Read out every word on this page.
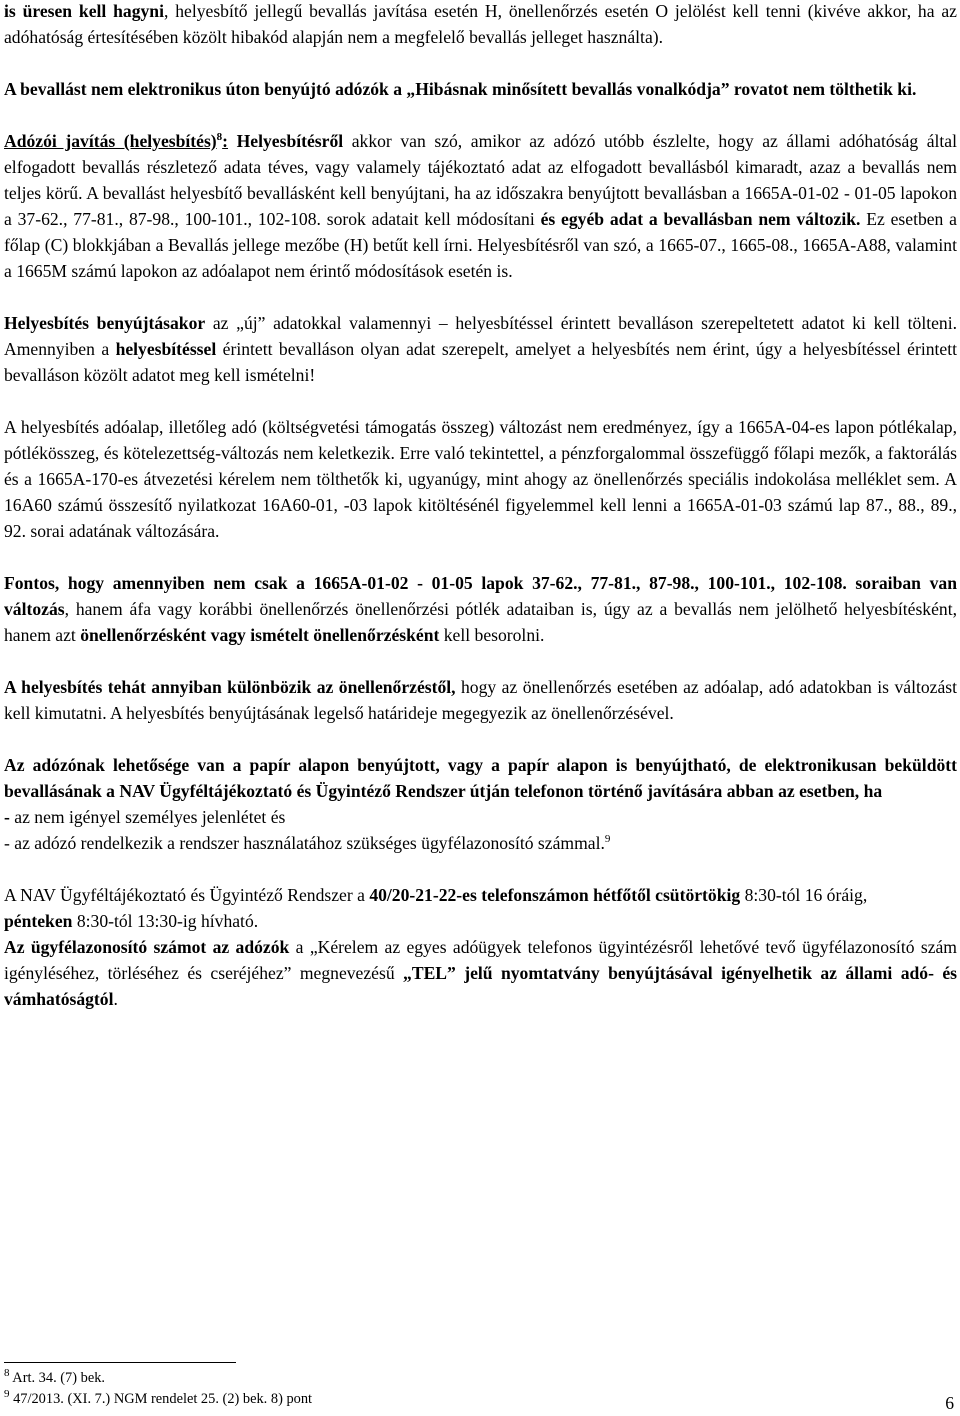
is üresen kell hagyni, helyesbítő jellegű bevallás javítása esetén H, önellenőrzés esetén O jelölést kell tenni (kivéve akkor, ha az adóhatóság értesítésében közölt hibakód alapján nem a megfelelő bevallás jelleget használta).

A bevallást nem elektronikus úton benyújtó adózók a „Hibásnak minősített bevallás vonalkódja” rovatot nem tölthetik ki.

Adózói javítás (helyesbítés)$^8$: Helyesbítésről akkor van szó, amikor az adózó utóbb észlelte, hogy az állami adóhatóság által elfogadott bevallás részletező adata téves, vagy valamely tájékoztató adat az elfogadott bevallásból kimaradt, azaz a bevallás nem teljes körű. A bevallást helyesbítő bevallásként kell benyújtani, ha az időszakra benyújtott bevallásban a 1665A-01-02 - 01-05 lapokon a 37-62., 77-81., 87-98., 100-101., 102-108. sorok adatait kell módosítani és egyéb adat a bevallásban nem változik. Ez esetben a főlap (C) blokkjában a Bevallás jellege mezőbe (H) betűt kell írni. Helyesbítésről van szó, a 1665-07., 1665-08., 1665A-A88, valamint a 1665M számú lapokon az adóalapot nem érintő módosítások esetén is.

Helyesbítés benyújtásakor az „új” adatokkal valamennyi – helyesbítéssel érintett bevalláson szerepeltetett adatot ki kell tölteni. Amennyiben a helyesbítéssel érintett bevalláson olyan adat szerepelt, amelyet a helyesbítés nem érint, úgy a helyesbítéssel érintett bevalláson közölt adatot meg kell ismételni!

A helyesbítés adóalap, illetőleg adó (költségvetési támogatás összeg) változást nem eredményez, így a 1665A-04-es lapon pótlékalap, pótlékösszeg, és kötelezettség-változás nem keletkezik. Erre való tekintettel, a pénzforgalommal összefüggő főlapi mezők, a faktorálás és a 1665A-170-es átvezetési kérelem nem tölthetők ki, ugyanúgy, mint ahogy az önellenőrzés speciális indokolása melléklet sem. A 16A60 számú összesítő nyilatkozat 16A60-01, -03 lapok kitöltésénél figyelemmel kell lenni a 1665A-01-03 számú lap 87., 88., 89., 92. sorai adatának változására.

Fontos, hogy amennyiben nem csak a 1665A-01-02 - 01-05 lapok 37-62., 77-81., 87-98., 100-101., 102-108. soraiban van változás, hanem áfa vagy korábbi önellenőrzés önellenőrzési pótlék adataiban is, úgy az a bevallás nem jelölhető helyesbítésként, hanem azt önellenőrzésként vagy ismételt önellenőrzésként kell besorolni.

A helyesbítés tehát annyiban különbözik az önellenőrzéstől, hogy az önellenőrzés esetében az adóalap, adó adatokban is változást kell kimutatni. A helyesbítés benyújtásának legelső határideje megegyezik az önellenőrzésével.

Az adózónak lehetősége van a papír alapon benyújtott, vagy a papír alapon is benyújtható, de elektronikusan beküldött bevallásának a NAV Ügyféltájékoztató és Ügyintéző Rendszer útján telefonon történő javítására abban az esetben, ha
- az nem igényel személyes jelenlétet és
- az adózó rendelkezik a rendszer használatához szükséges ügyfélazonosító számmal.$^9$

A NAV Ügyféltájékoztató és Ügyintéző Rendszer a 40/20-21-22-es telefonszámon hétfőtől csütörtökig 8:30-tól 16 óráig,
pénteken 8:30-tól 13:30-ig hívható.

Az ügyfélazonosító számot az adózók a „Kérelem az egyes adóügyek telefonos ügyintézésről lehetővé tevő ügyfélazonosító szám igényléséhez, törléséhez és cseréjéhez” megnevezésű „TEL” jelű nyomtatvány benyújtásával igényelhetik az állami adó- és vámhatóságtól.

$^8$ Art. 34. (7) bek.
$^9$ 47/2013. (XI. 7.) NGM rendelet 25. (2) bek. 8) pont	6
